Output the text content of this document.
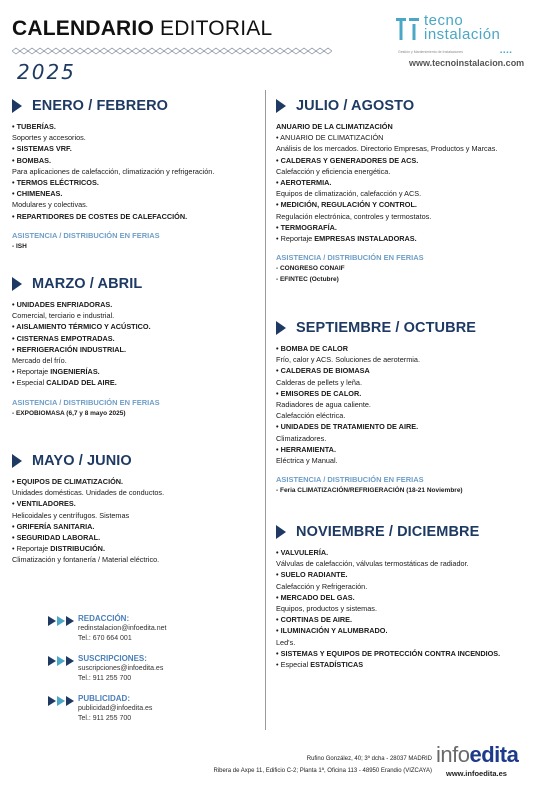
CALENDARIO EDITORIAL
2025
tecno
instalación
Gestión y Mantenimiento de Instalaciones	▪▪▪▪
www.tecnoinstalacion.com
ENERO / FEBRERO
• TUBERÍAS.
Soportes y accesorios.
• SISTEMAS VRF.
• BOMBAS.
Para aplicaciones de calefacción, climatización y refrigeración.
• TERMOS ELÉCTRICOS.
• CHIMENEAS.
Modulares y colectivas.
• REPARTIDORES DE COSTES DE CALEFACCIÓN.
ASISTENCIA / DISTRIBUCIÓN EN FERIAS
- ISH
MARZO / ABRIL
• UNIDADES ENFRIADORAS.
Comercial, terciario e industrial.
• AISLAMIENTO TÉRMICO Y ACÚSTICO.
• CISTERNAS EMPOTRADAS.
• REFRIGERACIÓN INDUSTRIAL.
Mercado del frío.
• Reportaje INGENIERÍAS.
• Especial CALIDAD DEL AIRE.
ASISTENCIA / DISTRIBUCIÓN EN FERIAS
- EXPOBIOMASA (6,7 y 8 mayo 2025)
MAYO / JUNIO
• EQUIPOS DE CLIMATIZACIÓN.
Unidades domésticas. Unidades de conductos.
• VENTILADORES.
Helicoidales y centrífugos. Sistemas
• GRIFERÍA SANITARIA.
• SEGURIDAD LABORAL.
• Reportaje DISTRIBUCIÓN.
Climatización y fontanería / Material eléctrico.
REDACCIÓN:
redinstalacion@infoedita.net
Tel.: 670 664 001
SUSCRIPCIONES:
suscripciones@infoedita.es
Tel.: 911 255 700
PUBLICIDAD:
publicidad@infoedita.es
Tel.: 911 255 700
JULIO / AGOSTO
ANUARIO DE LA CLIMATIZACIÓN
• ANUARIO DE CLIMATIZACIÓN
Análisis de los mercados. Directorio Empresas, Productos y Marcas.
• CALDERAS Y GENERADORES DE ACS.
Calefacción y eficiencia energética.
• AEROTERMIA.
Equipos de climatización, calefacción y ACS.
• MEDICIÓN, REGULACIÓN Y CONTROL.
Regulación electrónica, controles y termostatos.
• TERMOGRAFÍA.
• Reportaje EMPRESAS INSTALADORAS.
ASISTENCIA / DISTRIBUCIÓN EN FERIAS
- CONGRESO CONAIF
- EFINTEC (Octubre)
SEPTIEMBRE / OCTUBRE
• BOMBA DE CALOR
Frío, calor y ACS. Soluciones de aerotermia.
• CALDERAS DE BIOMASA
Calderas de pellets y leña.
• EMISORES DE CALOR.
Radiadores de agua caliente.
Calefacción eléctrica.
• UNIDADES DE TRATAMIENTO DE AIRE.
Climatizadores.
• HERRAMIENTA.
Eléctrica y Manual.
ASISTENCIA / DISTRIBUCIÓN EN FERIAS
- Feria CLIMATIZACIÓN/REFRIGERACIÓN (18-21 Noviembre)
NOVIEMBRE / DICIEMBRE
• VALVULERÍA.
Válvulas de calefacción, válvulas termostáticas de radiador.
• SUELO RADIANTE.
Calefacción y Refrigeración.
• MERCADO DEL GAS.
Equipos, productos y sistemas.
• CORTINAS DE AIRE.
• ILUMINACIÓN Y ALUMBRADO.
Led's.
• SISTEMAS Y EQUIPOS DE PROTECCIÓN CONTRA INCENDIOS.
• Especial ESTADÍSTICAS
Rufino González, 40; 3º dcha - 28037 MADRID
Ribera de Axpe 11, Edificio C-2; Planta 1ª, Oficina 113 - 48950 Erandio (VIZCAYA)
infoedita
www.infoedita.es
